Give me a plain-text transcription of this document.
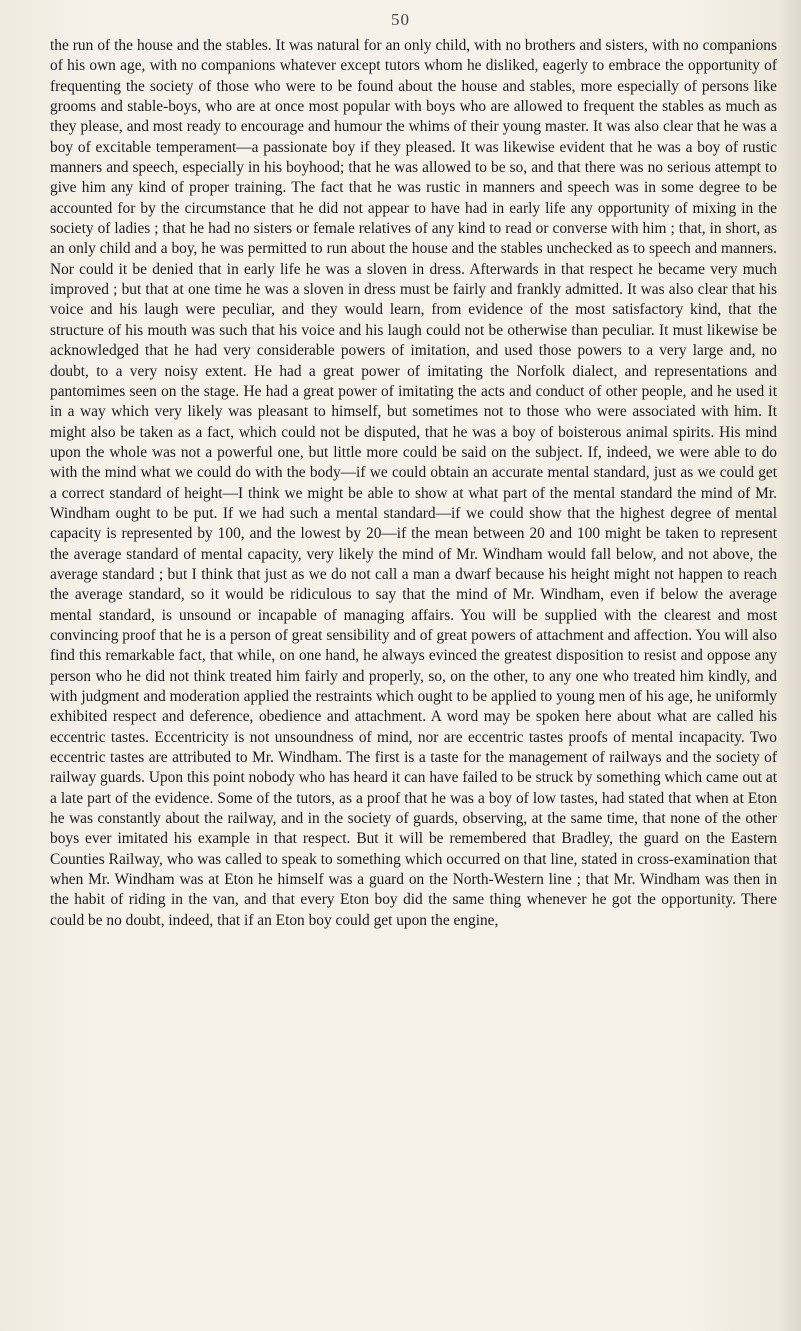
50

the run of the house and the stables. It was natural for an only child, with no brothers and sisters, with no companions of his own age, with no companions whatever except tutors whom he disliked, eagerly to embrace the opportunity of frequenting the society of those who were to be found about the house and stables, more especially of persons like grooms and stable-boys, who are at once most popular with boys who are allowed to frequent the stables as much as they please, and most ready to encourage and humour the whims of their young master. It was also clear that he was a boy of excitable temperament—a passionate boy if they pleased. It was likewise evident that he was a boy of rustic manners and speech, especially in his boyhood; that he was allowed to be so, and that there was no serious attempt to give him any kind of proper training. The fact that he was rustic in manners and speech was in some degree to be accounted for by the circumstance that he did not appear to have had in early life any opportunity of mixing in the society of ladies ; that he had no sisters or female relatives of any kind to read or converse with him ; that, in short, as an only child and a boy, he was permitted to run about the house and the stables unchecked as to speech and manners. Nor could it be denied that in early life he was a sloven in dress. Afterwards in that respect he became very much improved ; but that at one time he was a sloven in dress must be fairly and frankly admitted. It was also clear that his voice and his laugh were peculiar, and they would learn, from evidence of the most satisfactory kind, that the structure of his mouth was such that his voice and his laugh could not be otherwise than peculiar. It must likewise be acknowledged that he had very considerable powers of imitation, and used those powers to a very large and, no doubt, to a very noisy extent. He had a great power of imitating the Norfolk dialect, and representations and pantomimes seen on the stage. He had a great power of imitating the acts and conduct of other people, and he used it in a way which very likely was pleasant to himself, but sometimes not to those who were associated with him. It might also be taken as a fact, which could not be disputed, that he was a boy of boisterous animal spirits. His mind upon the whole was not a powerful one, but little more could be said on the subject. If, indeed, we were able to do with the mind what we could do with the body—if we could obtain an accurate mental standard, just as we could get a correct standard of height—I think we might be able to show at what part of the mental standard the mind of Mr. Windham ought to be put. If we had such a mental standard—if we could show that the highest degree of mental capacity is represented by 100, and the lowest by 20—if the mean between 20 and 100 might be taken to represent the average standard of mental capacity, very likely the mind of Mr. Windham would fall below, and not above, the average standard ; but I think that just as we do not call a man a dwarf because his height might not happen to reach the average standard, so it would be ridiculous to say that the mind of Mr. Windham, even if below the average mental standard, is unsound or incapable of managing affairs. You will be supplied with the clearest and most convincing proof that he is a person of great sensibility and of great powers of attachment and affection. You will also find this remarkable fact, that while, on one hand, he always evinced the greatest disposition to resist and oppose any person who he did not think treated him fairly and properly, so, on the other, to any one who treated him kindly, and with judgment and moderation applied the restraints which ought to be applied to young men of his age, he uniformly exhibited respect and deference, obedience and attachment. A word may be spoken here about what are called his eccentric tastes. Eccentricity is not unsoundness of mind, nor are eccentric tastes proofs of mental incapacity. Two eccentric tastes are attributed to Mr. Windham. The first is a taste for the management of railways and the society of railway guards. Upon this point nobody who has heard it can have failed to be struck by something which came out at a late part of the evidence. Some of the tutors, as a proof that he was a boy of low tastes, had stated that when at Eton he was constantly about the railway, and in the society of guards, observing, at the same time, that none of the other boys ever imitated his example in that respect. But it will be remembered that Bradley, the guard on the Eastern Counties Railway, who was called to speak to something which occurred on that line, stated in cross-examination that when Mr. Windham was at Eton he himself was a guard on the North-Western line ; that Mr. Windham was then in the habit of riding in the van, and that every Eton boy did the same thing whenever he got the opportunity. There could be no doubt, indeed, that if an Eton boy could get upon the engine,
